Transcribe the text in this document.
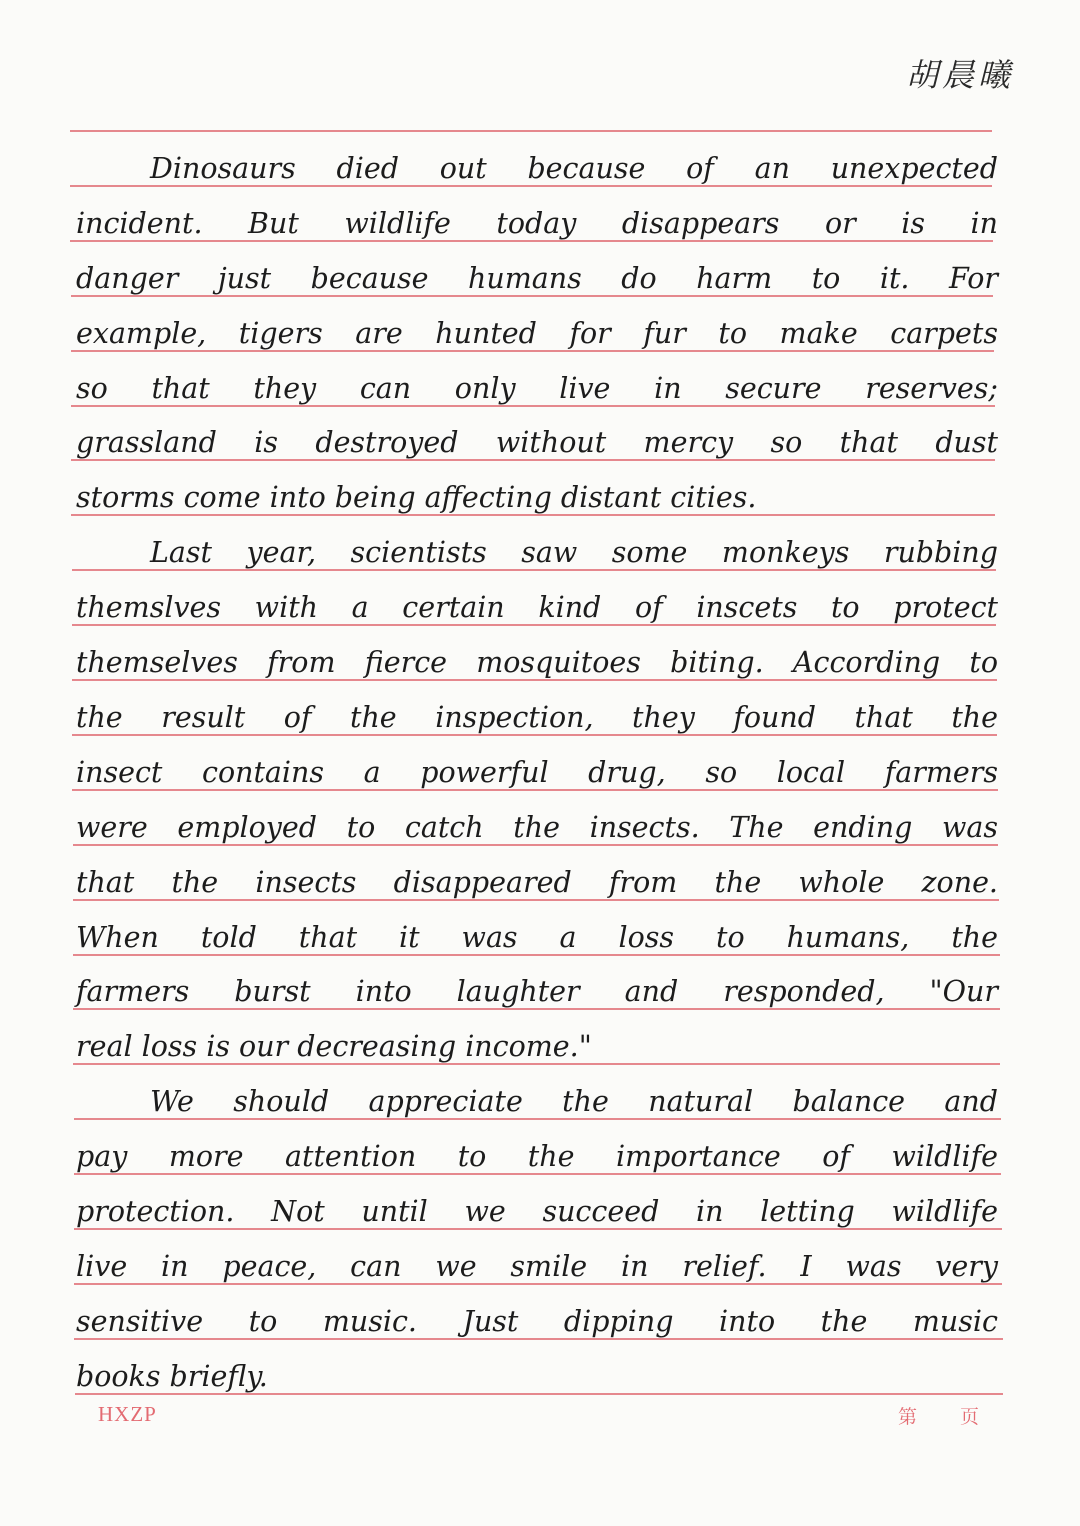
胡晨曦
Dinosaurs died out because of an unexpected
incident. But wildlife today disappears or is in
danger just because humans do harm to it. For
example, tigers are hunted for fur to make carpets
so that they can only live in secure reserves;
grassland is destroyed without mercy so that dust
storms come into being affecting distant cities.
Last year, scientists saw some monkeys rubbing
themslves with a certain kind of inscets to protect
themselves from fierce mosquitoes biting. According to
the result of the inspection, they found that the
insect contains a powerful drug, so local farmers
were employed to catch the insects. The ending was
that the insects disappeared from the whole zone.
When told that it was a loss to humans, the
farmers burst into laughter and responded, "Our
real loss is our decreasing income."
We should appreciate the natural balance and
pay more attention to the importance of wildlife
protection. Not until we succeed in letting wildlife
live in peace, can we smile in relief. I was very
sensitive to music. Just dipping into the music
books briefly.
HXZP	第 页
